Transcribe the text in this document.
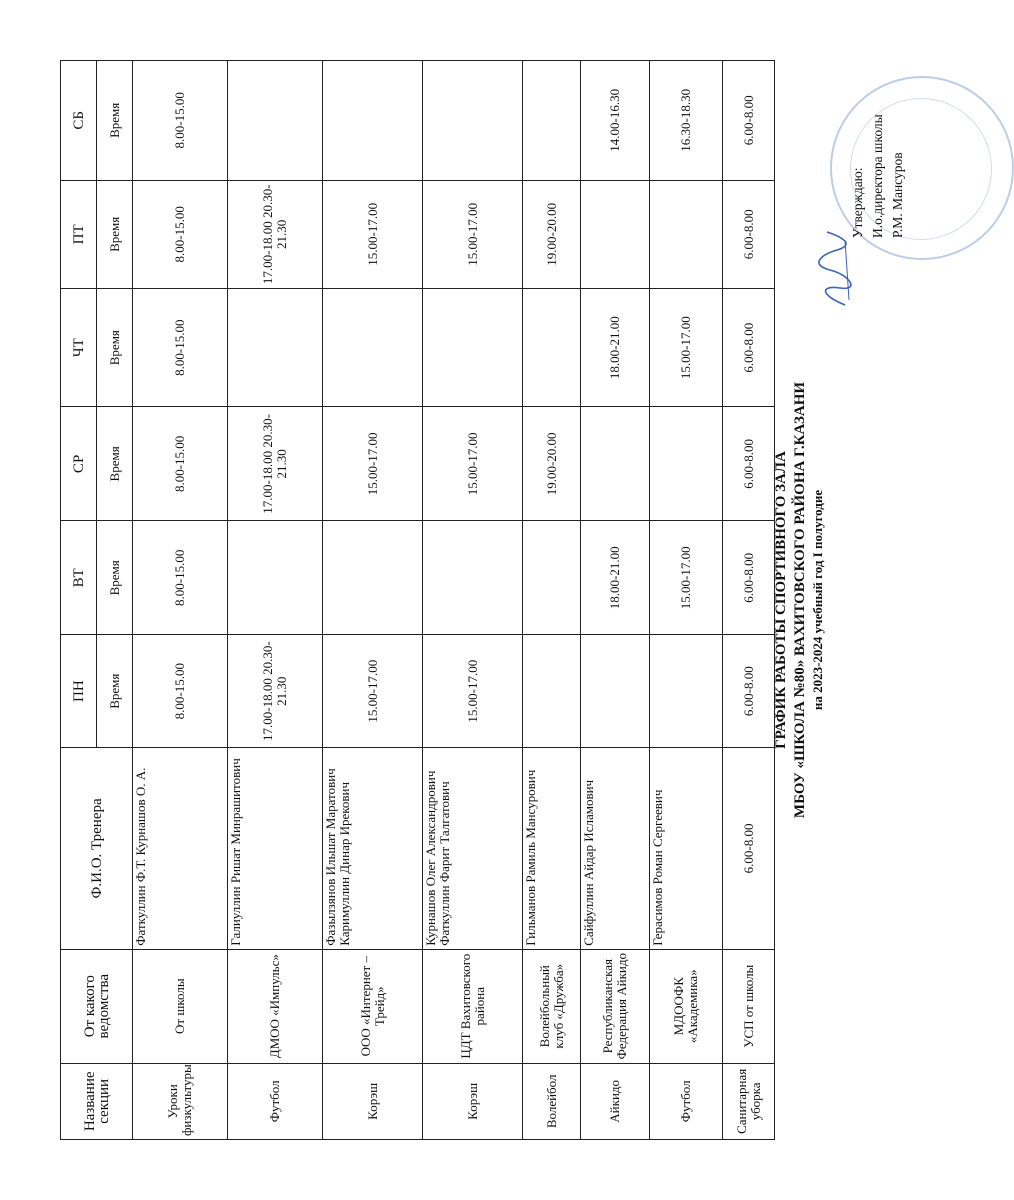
ГРАФИК РАБОТЫ СПОРТИВНОГО ЗАЛА МБОУ «ШКОЛА №80» ВАХИТОВСКОГО РАЙОНА Г.КАЗАНИ на 2023-2024 учебный год I полугодие
Утверждаю: И.о.директора школы Р.М. Мансуров
Название секции	От какого ведомства	Ф.И.О. Тренера	ПН	ВТ	СР	ЧТ	ПТ	СБ
			Время	Время	Время	Время	Время	Время
Уроки физкультуры	От школы	Фаткуллин Ф.Т. Курнашов О. А.	8.00-15.00	8.00-15.00	8.00-15.00	8.00-15.00	8.00-15.00	8.00-15.00
Футбол	ДМОО «Импульс»	Галиуллин Ришат Минрашитович	17.00-18.00 20.30-21.30		17.00-18.00 20.30-21.30		17.00-18.00 20.30-21.30	
Корэш	ООО «Интернет –Трейд»	Фазылзянов Ильшат Маратович Каримуллин Динар Ирекович	15.00-17.00		15.00-17.00		15.00-17.00	
Корэш	ЦДТ Вахитовского района	Курнашов Олег Александрович Фаткуллин Фарит Талгатович	15.00-17.00		15.00-17.00		15.00-17.00	
Волейбол	Волейбольный клуб «Дружба»	Гильманов Рамиль Мансурович			19.00-20.00		19.00-20.00	
Айкидо	Республиканская Федерация Айкидо	Сайфуллин Айдар Исламович		18.00-21.00		18.00-21.00		14.00-16.30
Футбол	МДООФК «Академика»	Герасимов Роман Сергеевич		15.00-17.00		15.00-17.00		16.30-18.30
Санитарная уборка	УСП от школы	6.00-8.00	6.00-8.00	6.00-8.00	6.00-8.00	6.00-8.00	6.00-8.00	6.00-8.00
